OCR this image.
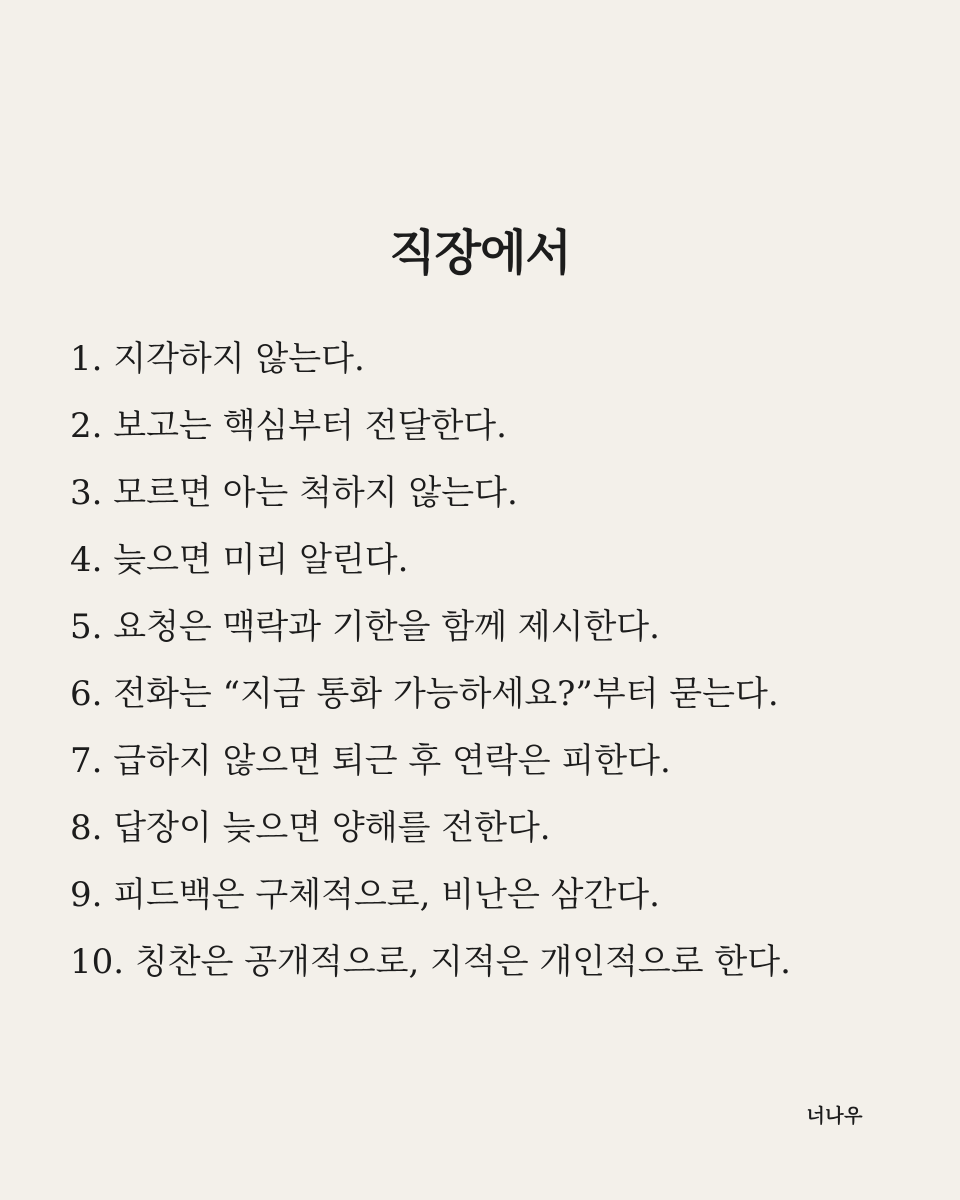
직장에서
1. 지각하지 않는다.
2. 보고는 핵심부터 전달한다.
3. 모르면 아는 척하지 않는다.
4. 늦으면 미리 알린다.
5. 요청은 맥락과 기한을 함께 제시한다.
6. 전화는 “지금 통화 가능하세요?”부터 묻는다.
7. 급하지 않으면 퇴근 후 연락은 피한다.
8. 답장이 늦으면 양해를 전한다.
9. 피드백은 구체적으로, 비난은 삼간다.
10. 칭찬은 공개적으로, 지적은 개인적으로 한다.
너나우
